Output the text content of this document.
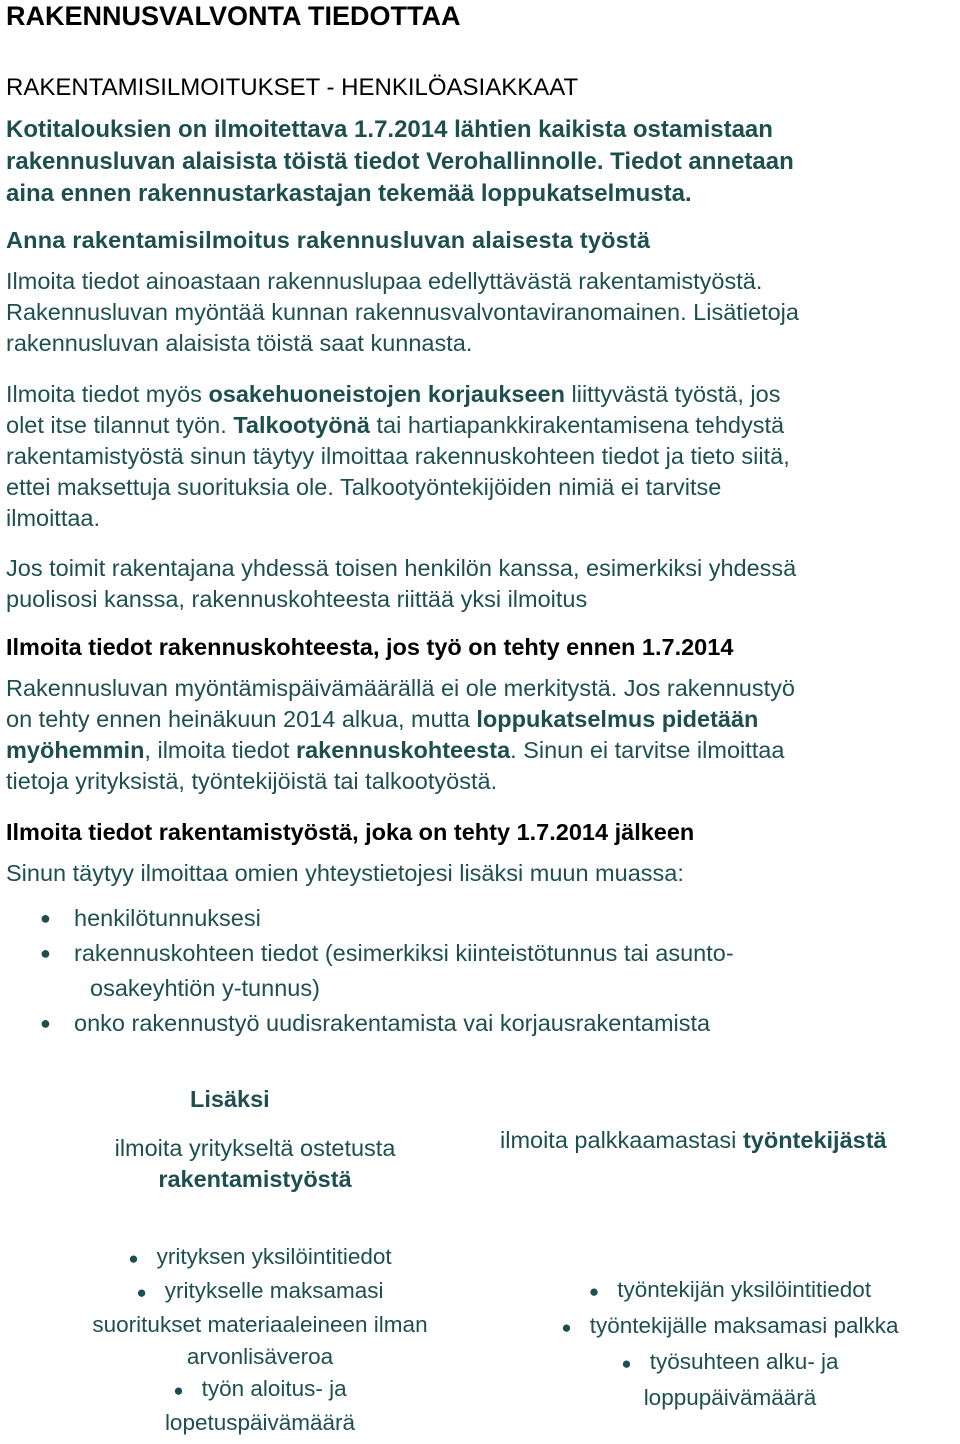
RAKENNUSVALVONTA TIEDOTTAA
RAKENTAMISILMOITUKSET - HENKILÖASIAKKAAT
Kotitalouksien on ilmoitettava 1.7.2014 lähtien kaikista ostamistaan
rakennusluvan alaisista töistä tiedot Verohallinnolle. Tiedot annetaan
aina ennen rakennustarkastajan tekemää loppukatselmusta.
Anna rakentamisilmoitus rakennusluvan alaisesta työstä
Ilmoita tiedot ainoastaan rakennuslupaa edellyttävästä rakentamistyöstä.
Rakennusluvan myöntää kunnan rakennusvalvontaviranomainen. Lisätietoja
rakennusluvan alaisista töistä saat kunnasta.
Ilmoita tiedot myös osakehuoneistojen korjaukseen liittyvästä työstä, jos
olet itse tilannut työn. Talkootyönä tai hartiapankkirakentamisena tehdystä
rakentamistyöstä sinun täytyy ilmoittaa rakennuskohteen tiedot ja tieto siitä,
ettei maksettuja suorituksia ole. Talkootyöntekijöiden nimiä ei tarvitse
ilmoittaa.
Jos toimit rakentajana yhdessä toisen henkilön kanssa, esimerkiksi yhdessä
puolisosi kanssa, rakennuskohteesta riittää yksi ilmoitus
Ilmoita tiedot rakennuskohteesta, jos työ on tehty ennen 1.7.2014
Rakennusluvan myöntämispäivämäärällä ei ole merkitystä. Jos rakennustyö
on tehty ennen heinäkuun 2014 alkua, mutta loppukatselmus pidetään
myöhemmin, ilmoita tiedot rakennuskohteesta. Sinun ei tarvitse ilmoittaa
tietoja yrityksistä, työntekijöistä tai talkootyöstä.
Ilmoita tiedot rakentamistyöstä, joka on tehty 1.7.2014 jälkeen
Sinun täytyy ilmoittaa omien yhteystietojesi lisäksi muun muassa:
● henkilötunnuksesi
● rakennuskohteen tiedot (esimerkiksi kiinteistötunnus tai asunto-
osakeyhtiön y-tunnus)
● onko rakennustyö uudisrakentamista vai korjausrakentamista
Lisäksi
ilmoita yritykseltä ostetusta
rakentamistyöstä
ilmoita palkkaamastasi työntekijästä
● yrityksen yksilöintitiedot
● yritykselle maksamasi
suoritukset materiaaleineen ilman
arvonlisäveroa
● työn aloitus- ja
lopetuspäivämäärä
● työntekijän yksilöintitiedot
● työntekijälle maksamasi palkka
● työsuhteen alku- ja
loppupäivämäärä
